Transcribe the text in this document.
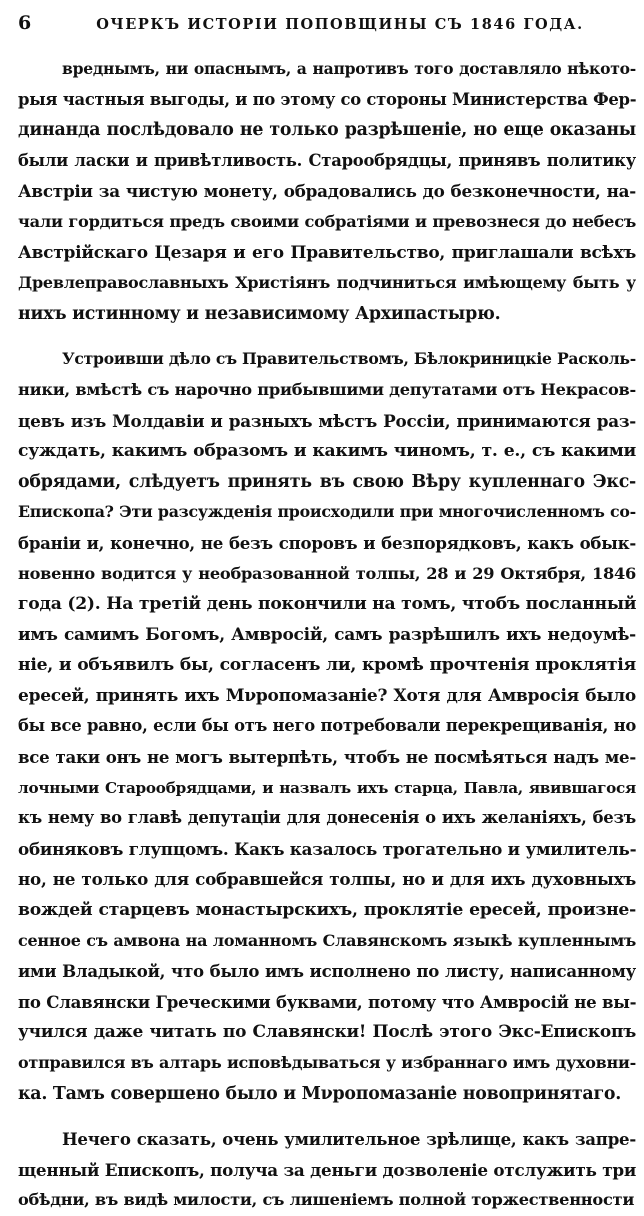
6	ОЧЕРКЪ ИСТОРІИ ПОПОВЩИНЫ СЪ 1846 ГОДА.
вреднымъ, ни опаснымъ, а напротивъ того доставляло нѣкото-
рыя частныя выгоды, и по этому со стороны Министерства Фер-
динанда послѣдовало не только разрѣшеніе, но еще оказаны
были ласки и привѣтливость. Старообрядцы, принявъ политику
Австріи за чистую монету, обрадовались до безконечности, на-
чали гордиться предъ своими собратіями и превознеся до небесъ
Австрійскаго Цезаря и его Правительство, приглашали всѣхъ
Древлеправославныхъ Христіянъ подчиниться имѣющему быть у
нихъ истинному и независимому Архипастырю.
Устроивши дѣло съ Правительствомъ, Бѣлокриницкіе Расколь-
ники, вмѣстѣ съ нарочно прибывшими депутатами отъ Некрасов-
цевъ изъ Молдавіи и разныхъ мѣстъ Россіи, принимаются раз-
суждать, какимъ образомъ и какимъ чиномъ, т. е., съ какими
обрядами, слѣдуетъ принять въ свою Вѣру купленнаго Экс-
Епископа? Эти разсужденія происходили при многочисленномъ со-
браніи и, конечно, не безъ споровъ и безпорядковъ, какъ обык-
новенно водится у необразованной толпы, 28 и 29 Октября, 1846
года (2). На третій день покончили на томъ, чтобъ посланный
имъ самимъ Богомъ, Амвросій, самъ разрѣшилъ ихъ недоумѣ-
ніе, и объявилъ бы, согласенъ ли, кромѣ прочтенія проклятія
ересей, принять ихъ Мνропомазаніе? Хотя для Амвросія было
бы все равно, если бы отъ него потребовали перекрещиванія, но
все таки онъ не могъ вытерпѣть, чтобъ не посмѣяться надъ ме-
лочными Старообрядцами, и назвалъ ихъ старца, Павла, явившагося
къ нему во главѣ депутаціи для донесенія о ихъ желаніяхъ, безъ
обиняковъ глупцомъ. Какъ казалось трогательно и умилитель-
но, не только для собравшейся толпы, но и для ихъ духовныхъ
вождей старцевъ монастырскихъ, проклятіе ересей, произне-
сенное съ амвона на ломанномъ Славянскомъ языкѣ купленнымъ
ими Владыкой, что было имъ исполнено по листу, написанному
по Славянски Греческими буквами, потому что Амвросій не вы-
учился даже читать по Славянски! Послѣ этого Экс-Епископъ
отправился въ алтарь исповѣдываться у избраннаго имъ духовни-
ка. Тамъ совершено было и Мνропомазаніе новопринятаго.
Нечего сказать, очень умилительное зрѣлище, какъ запре-
щенный Епископъ, получа за деньги дозволеніе отслужить три
обѣдни, въ видѣ милости, съ лишеніемъ полной торжественности
